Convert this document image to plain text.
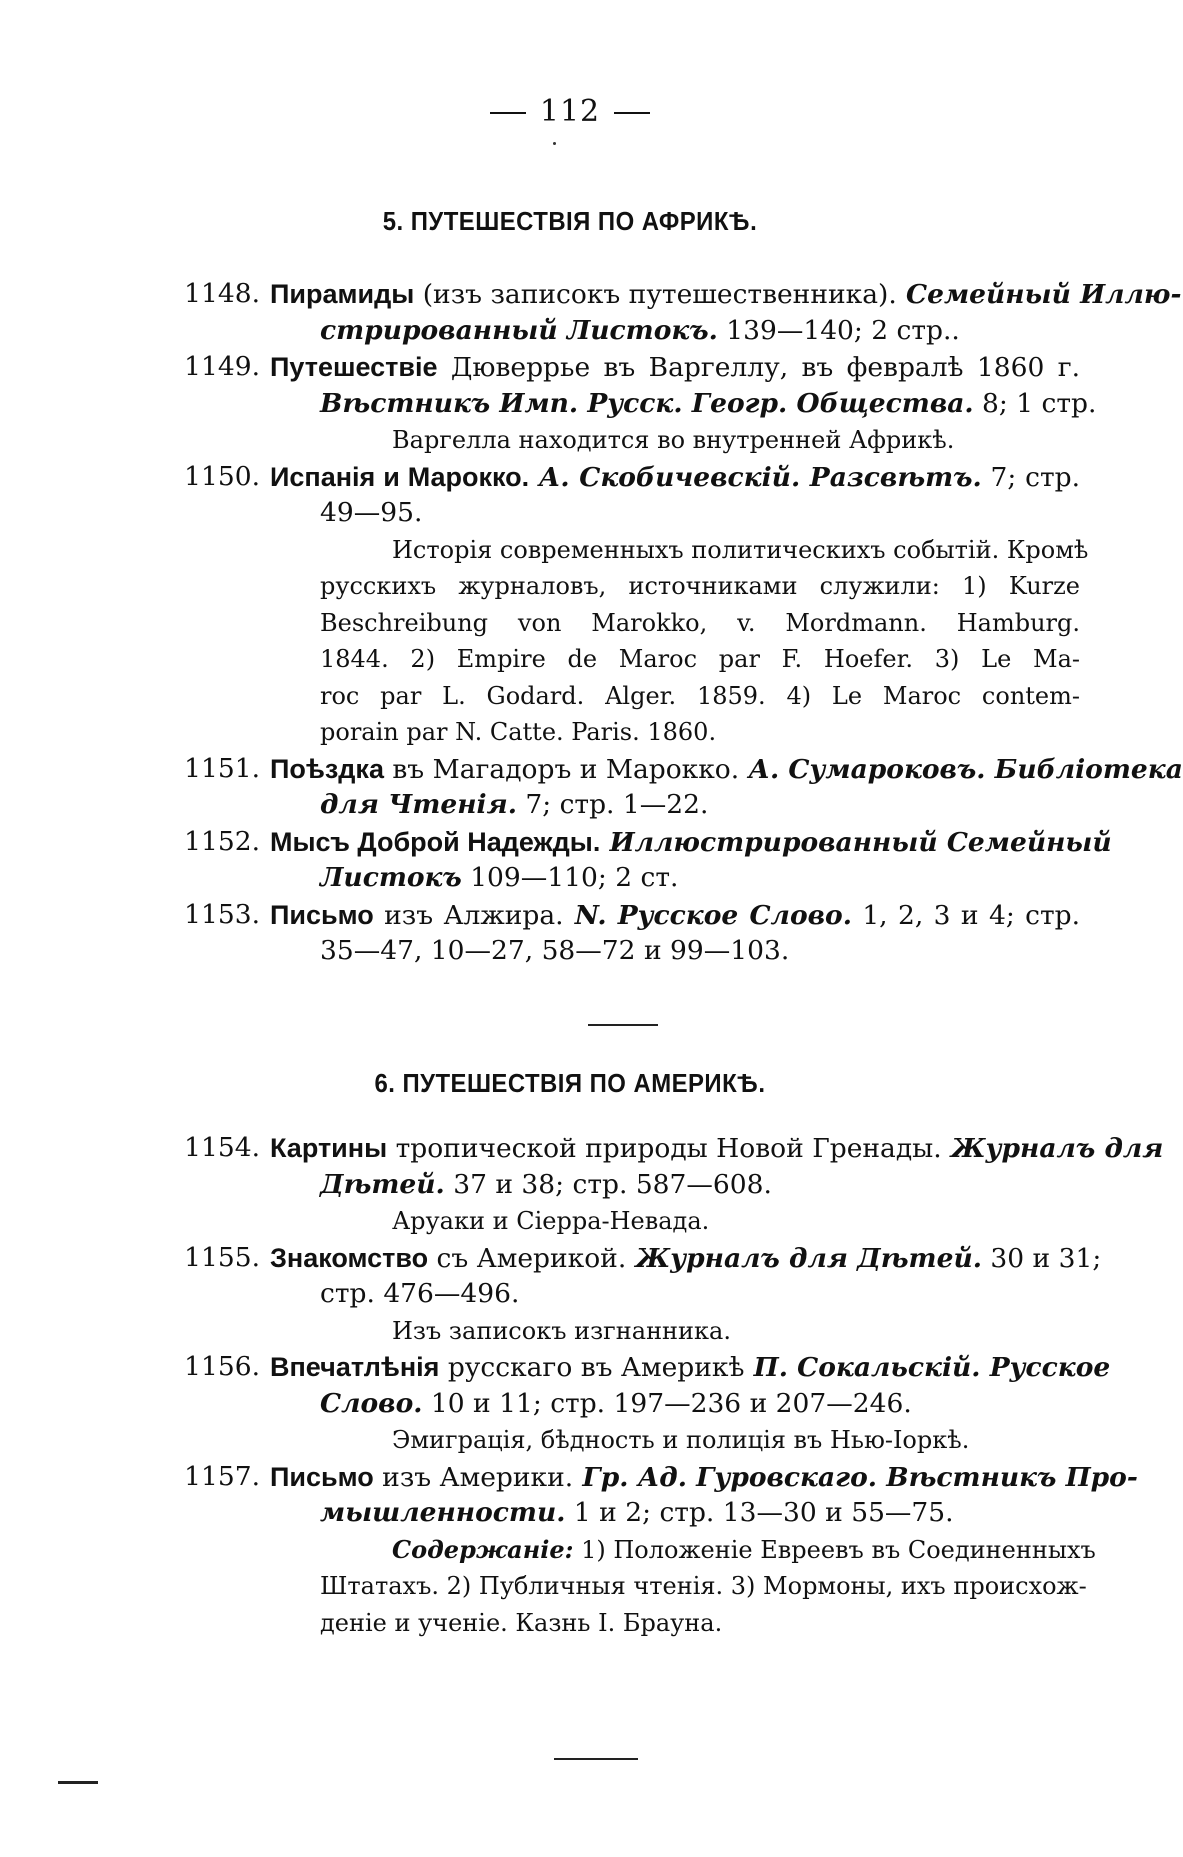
112
5. ПУТЕШЕСТВІЯ ПО АФРИКѢ.
1148. Пирамиды (изъ записокъ путешественника). Семейный Иллю-
стрированный Листокъ. 139—140; 2 стр..
1149. Путешествіе Дюверрье въ Варгеллу, въ февралѣ 1860 г.
Вѣстникъ Имп. Русск. Геогр. Общества. 8; 1 стр.
Варгелла находится во внутренней Африкѣ.
1150. Испанія и Марокко. А. Скобичевскій. Разсвѣтъ. 7; стр.
49—95.
Исторія современныхъ политическихъ событій. Кромѣ
русскихъ журналовъ, источниками служили: 1) Kurze
Beschreibung von Marokko, v. Mordmann. Hamburg.
1844. 2) Empire de Maroc par F. Hoefer. 3) Le Ma-
roc par L. Godard. Alger. 1859. 4) Le Maroc contem-
porain par N. Catte. Paris. 1860.
1151. Поѣздка въ Магадоръ и Марокко. А. Сумароковъ. Библіотека
для Чтенія. 7; стр. 1—22.
1152. Мысъ Доброй Надежды. Иллюстрированный Семейный
Листокъ 109—110; 2 ст.
1153. Письмо изъ Алжира. N. Русское Слово. 1, 2, 3 и 4; стр.
35—47, 10—27, 58—72 и 99—103.
6. ПУТЕШЕСТВІЯ ПО АМЕРИКѢ.
1154. Картины тропической природы Новой Гренады. Журналъ для
Дѣтей. 37 и 38; стр. 587—608.
Аруаки и Сіерра-Невада.
1155. Знакомство съ Америкой. Журналъ для Дѣтей. 30 и 31;
стр. 476—496.
Изъ записокъ изгнанника.
1156. Впечатлѣнія русскаго въ Америкѣ П. Сокальскій. Русское
Слово. 10 и 11; стр. 197—236 и 207—246.
Эмиграція, бѣдность и полиція въ Нью-Іоркѣ.
1157. Письмо изъ Америки. Гр. Ад. Гуровскаго. Вѣстникъ Про-
мышленности. 1 и 2; стр. 13—30 и 55—75.
Содержаніе: 1) Положеніе Евреевъ въ Соединенныхъ
Штатахъ. 2) Публичныя чтенія. 3) Мормоны, ихъ происхож-
деніе и ученіе. Казнь I. Брауна.
